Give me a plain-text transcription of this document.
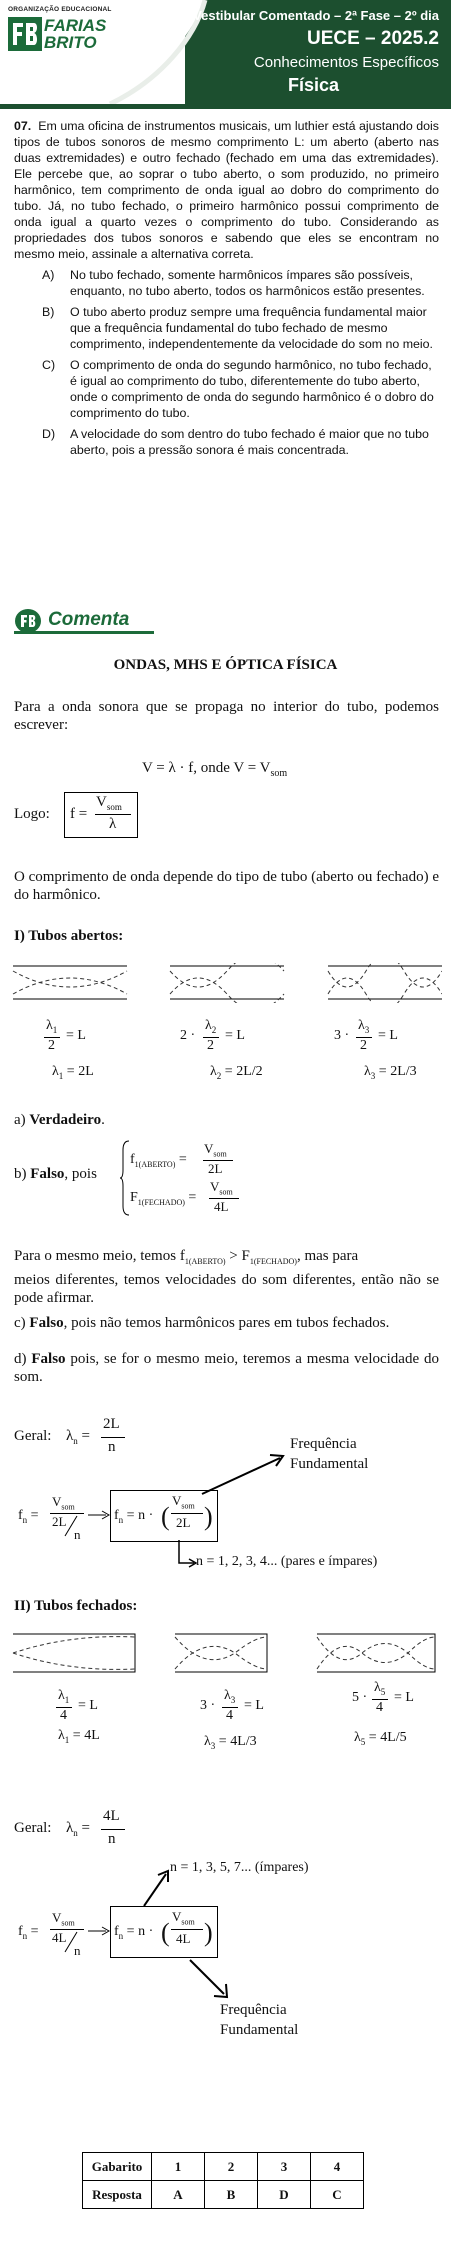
ORGANIZAÇÃO EDUCACIONAL
FARIAS
BRITO
Vestibular Comentado – 2ª Fase – 2º dia
UECE – 2025.2
Conhecimentos Específicos
Física

07. Em uma oficina de instrumentos musicais, um luthier está ajustando dois tipos de tubos sonoros de mesmo comprimento L: um aberto (aberto nas duas extremidades) e outro fechado (fechado em uma das extremidades). Ele percebe que, ao soprar o tubo aberto, o som produzido, no primeiro harmônico, tem comprimento de onda igual ao dobro do comprimento do tubo. Já, no tubo fechado, o primeiro harmônico possui comprimento de onda igual a quarto vezes o comprimento do tubo. Considerando as propriedades dos tubos sonoros e sabendo que eles se encontram no mesmo meio, assinale a alternativa correta.

A) No tubo fechado, somente harmônicos ímpares são possíveis, enquanto, no tubo aberto, todos os harmônicos estão presentes.
B) O tubo aberto produz sempre uma frequência fundamental maior que a frequência fundamental do tubo fechado de mesmo comprimento, independentemente da velocidade do som no meio.
C) O comprimento de onda do segundo harmônico, no tubo fechado, é igual ao comprimento do tubo, diferentemente do tubo aberto, onde o comprimento de onda do segundo harmônico é o dobro do comprimento do tubo.
D) A velocidade do som dentro do tubo fechado é maior que no tubo aberto, pois a pressão sonora é mais concentrada.
Comenta
ONDAS, MHS E ÓPTICA FÍSICA
Para a onda sonora que se propaga no interior do tubo, podemos escrever:
V = λ · f, onde $V = V_{som}$
Logo: f =
$V_{som}$
λ
O comprimento de onda depende do tipo de tubo (aberto ou fechado) e do harmônico.
I) Tubos abertos:
$\lambda_1$
2
= L
$\lambda_1 = 2L$
2 ·
$\lambda_2$
2
= L
$\lambda_2 = 2L/2$
3 ·
$\lambda_3$
2
= L
$\lambda_3 = 2L/3$
a) Verdadeiro.
b) Falso, pois
$f_{1(ABERTO)}$ =
$V_{som}$
2L
$F_{1(FECHADO)}$ =
$V_{som}$
4L
Para o mesmo meio, temos $f_{1(ABERTO)} > F_{1(FECHADO)}$, mas para
meios diferentes, temos velocidades do som diferentes, então não se pode afirmar.
c) Falso, pois não temos harmônicos pares em tubos fechados.
d) Falso pois, se for o mesmo meio, teremos a mesma velocidade do som.
Geral: $\lambda_n$ =
2L
n	Frequência
Fundamental
$f_n$ =
$V_{som}$
2L
n
$f_n = n$ · (
$V_{som}$
2L )
n = 1, 2, 3, 4... (pares e ímpares)
II) Tubos fechados:
$\lambda_1$
4
= L
$\lambda_1 = 4L$
3 ·
$\lambda_3$
4
= L
$\lambda_3 = 4L/3$
5 ·
$\lambda_5$
4
= L
$\lambda_5 = 4L/5$
Geral: $\lambda_n$ =
4L
n
n = 1, 3, 5, 7... (ímpares)
$f_n$ =
$V_{som}$
4L
n
$f_n = n$ · (
$V_{som}$
4L )
Frequência
Fundamental
Gabarito	1	2	3	4
Resposta	A	B	D	C
